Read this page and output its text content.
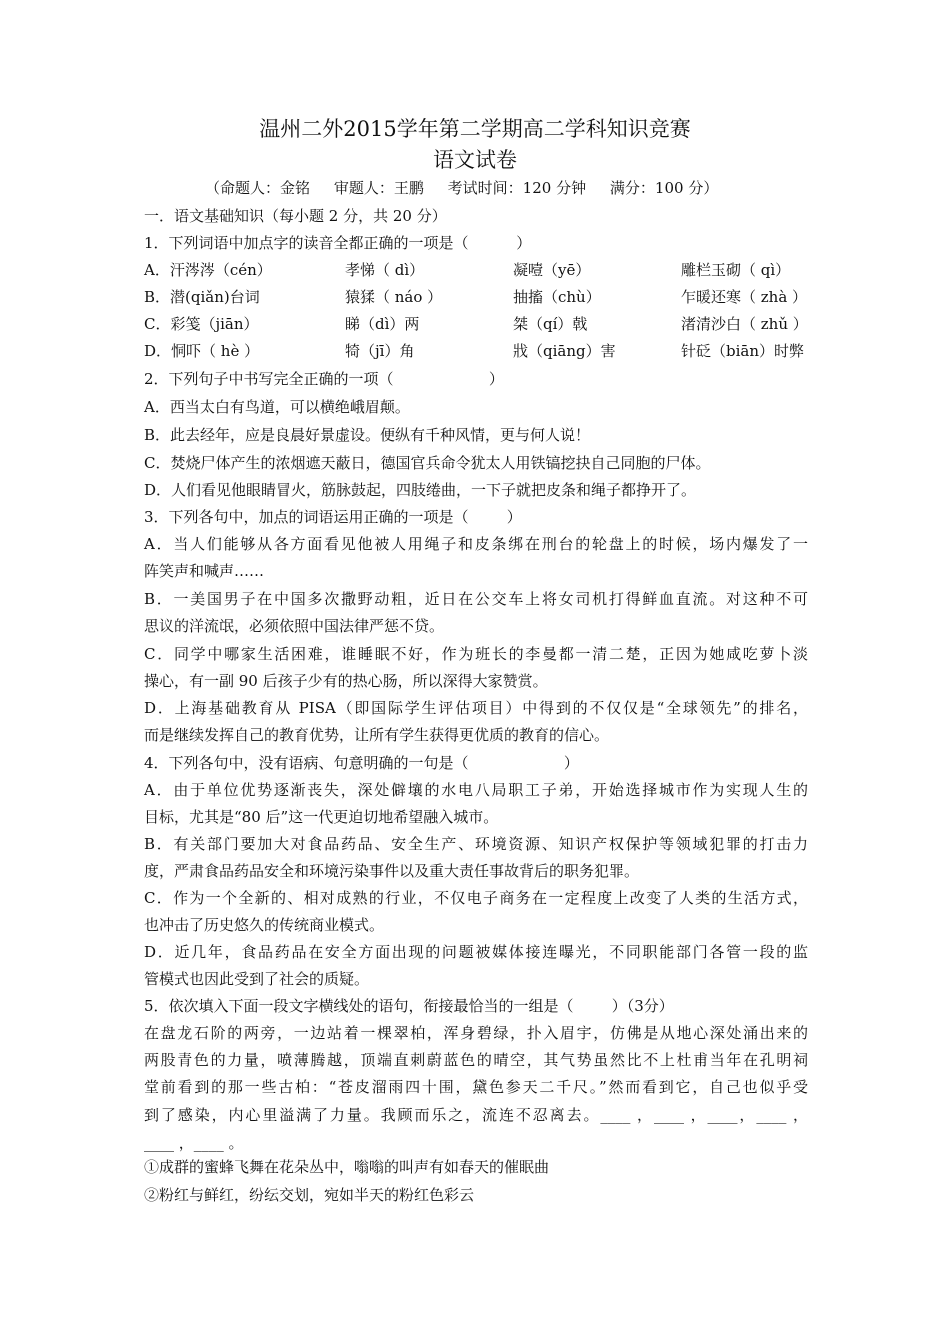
温州二外2015学年第二学期高二学科知识竞赛
语文试卷
（命题人：金铭     审题人：王鹏     考试时间：120 分钟     满分：100 分）
一．语文基础知识（每小题 2 分，共 20 分）
1．下列词语中加点字的读音全都正确的一项是（          ）
A．汗涔涔（cén）	孝悌（ dì）	凝噎（yē）	雕栏玉砌（ qì）
B．潜(qiǎn)台词	猿猱（ náo ）	抽搐（chù）	乍暖还寒（ zhà ）
C．彩笺（jiān）	睇（dì）两	桀（qí）戟	渚清沙白（ zhǔ ）
D．恫吓（ hè ）	犄（jī）角	戕（qiāng）害	针砭（biān）时弊
2．下列句子中书写完全正确的一项（                    ）
A．西当太白有鸟道，可以横绝峨眉颠。
B．此去经年，应是良晨好景虚设。便纵有千种风情，更与何人说！
C．焚烧尸体产生的浓烟遮天蔽日，德国官兵命令犹太人用铁镐挖抉自己同胞的尸体。
D．人们看见他眼睛冒火，筋脉鼓起，四肢绻曲，一下子就把皮条和绳子都挣开了。
3．下列各句中，加点的词语运用正确的一项是（        ）
A．当人们能够从各方面看见他被人用绳子和皮条绑在刑台的轮盘上的时候，场内爆发了一
阵笑声和喊声……
B．一美国男子在中国多次撒野动粗，近日在公交车上将女司机打得鲜血直流。对这种不可
思议的洋流氓，必须依照中国法律严惩不贷。
C．同学中哪家生活困难，谁睡眠不好，作为班长的李曼都一清二楚，正因为她咸吃萝卜淡
操心，有一副 90 后孩子少有的热心肠，所以深得大家赞赏。
D．上海基础教育从 PISA（即国际学生评估项目）中得到的不仅仅是“全球领先”的排名，
而是继续发挥自己的教育优势，让所有学生获得更优质的教育的信心。
4．下列各句中，没有语病、句意明确的一句是（                    ）
A．由于单位优势逐渐丧失，深处僻壤的水电八局职工子弟，开始选择城市作为实现人生的
目标，尤其是“80 后”这一代更迫切地希望融入城市。
B．有关部门要加大对食品药品、安全生产、环境资源、知识产权保护等领域犯罪的打击力
度，严肃食品药品安全和环境污染事件以及重大责任事故背后的职务犯罪。
C．作为一个全新的、相对成熟的行业，不仅电子商务在一定程度上改变了人类的生活方式，
也冲击了历史悠久的传统商业模式。
D．近几年，食品药品在安全方面出现的问题被媒体接连曝光，不同职能部门各管一段的监
管模式也因此受到了社会的质疑。
5．依次填入下面一段文字横线处的语句，衔接最恰当的一组是（        ）（3分）
在盘龙石阶的两旁，一边站着一棵翠柏，浑身碧绿，扑入眉宇，仿佛是从地心深处涌出来的
两股青色的力量，喷薄腾越，顶端直刺蔚蓝色的晴空，其气势虽然比不上杜甫当年在孔明祠
堂前看到的那一些古柏：“苍皮溜雨四十围，黛色参天二千尺。”然而看到它，自己也似乎受
到了感染，内心里溢满了力量。我顾而乐之，流连不忍离去。____ ，____ ，____，____ ，
____ ，____ 。
①成群的蜜蜂飞舞在花朵丛中，嗡嗡的叫声有如春天的催眠曲
②粉红与鲜红，纷纭交划，宛如半天的粉红色彩云
